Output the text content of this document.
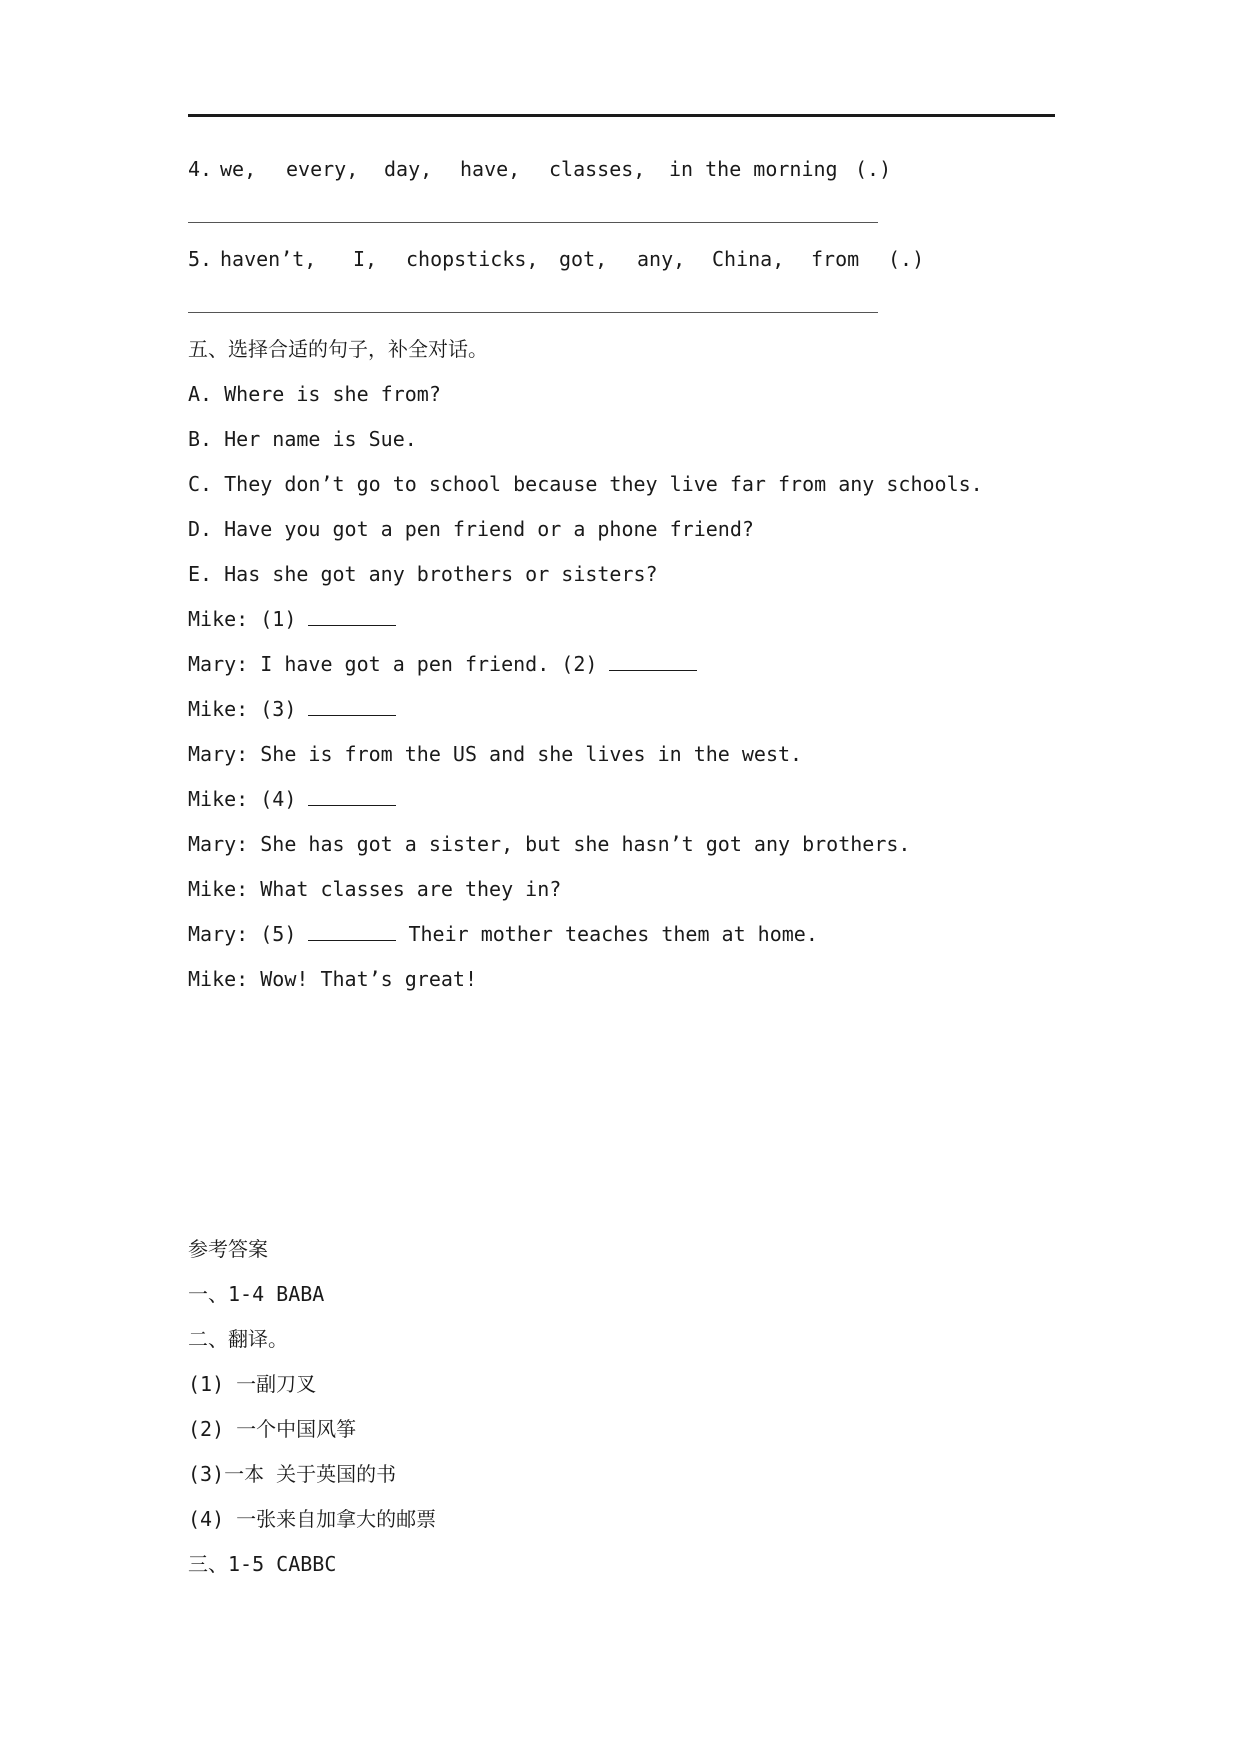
4. we, every, day, have, classes, in the morning (.)
5. haven’t, I, chopsticks, got, any, China, from (.)
五、选择合适的句子，补全对话。
A. Where is she from?
B. Her name is Sue.
C. They don’t go to school because they live far from any schools.
D. Have you got a pen friend or a phone friend?
E. Has she got any brothers or sisters?
Mike: (1)
Mary: I have got a pen friend. (2)
Mike: (3)
Mary: She is from the US and she lives in the west.
Mike: (4)
Mary: She has got a sister, but she hasn’t got any brothers.
Mike: What classes are they in?
Mary: (5)	Their mother teaches them at home.
Mike: Wow! That’s great!
参考答案
一、1-4 BABA
二、翻译。
(1) 一副刀叉
(2) 一个中国风筝
(3)一本 关于英国的书
(4) 一张来自加拿大的邮票
三、1-5 CABBC
